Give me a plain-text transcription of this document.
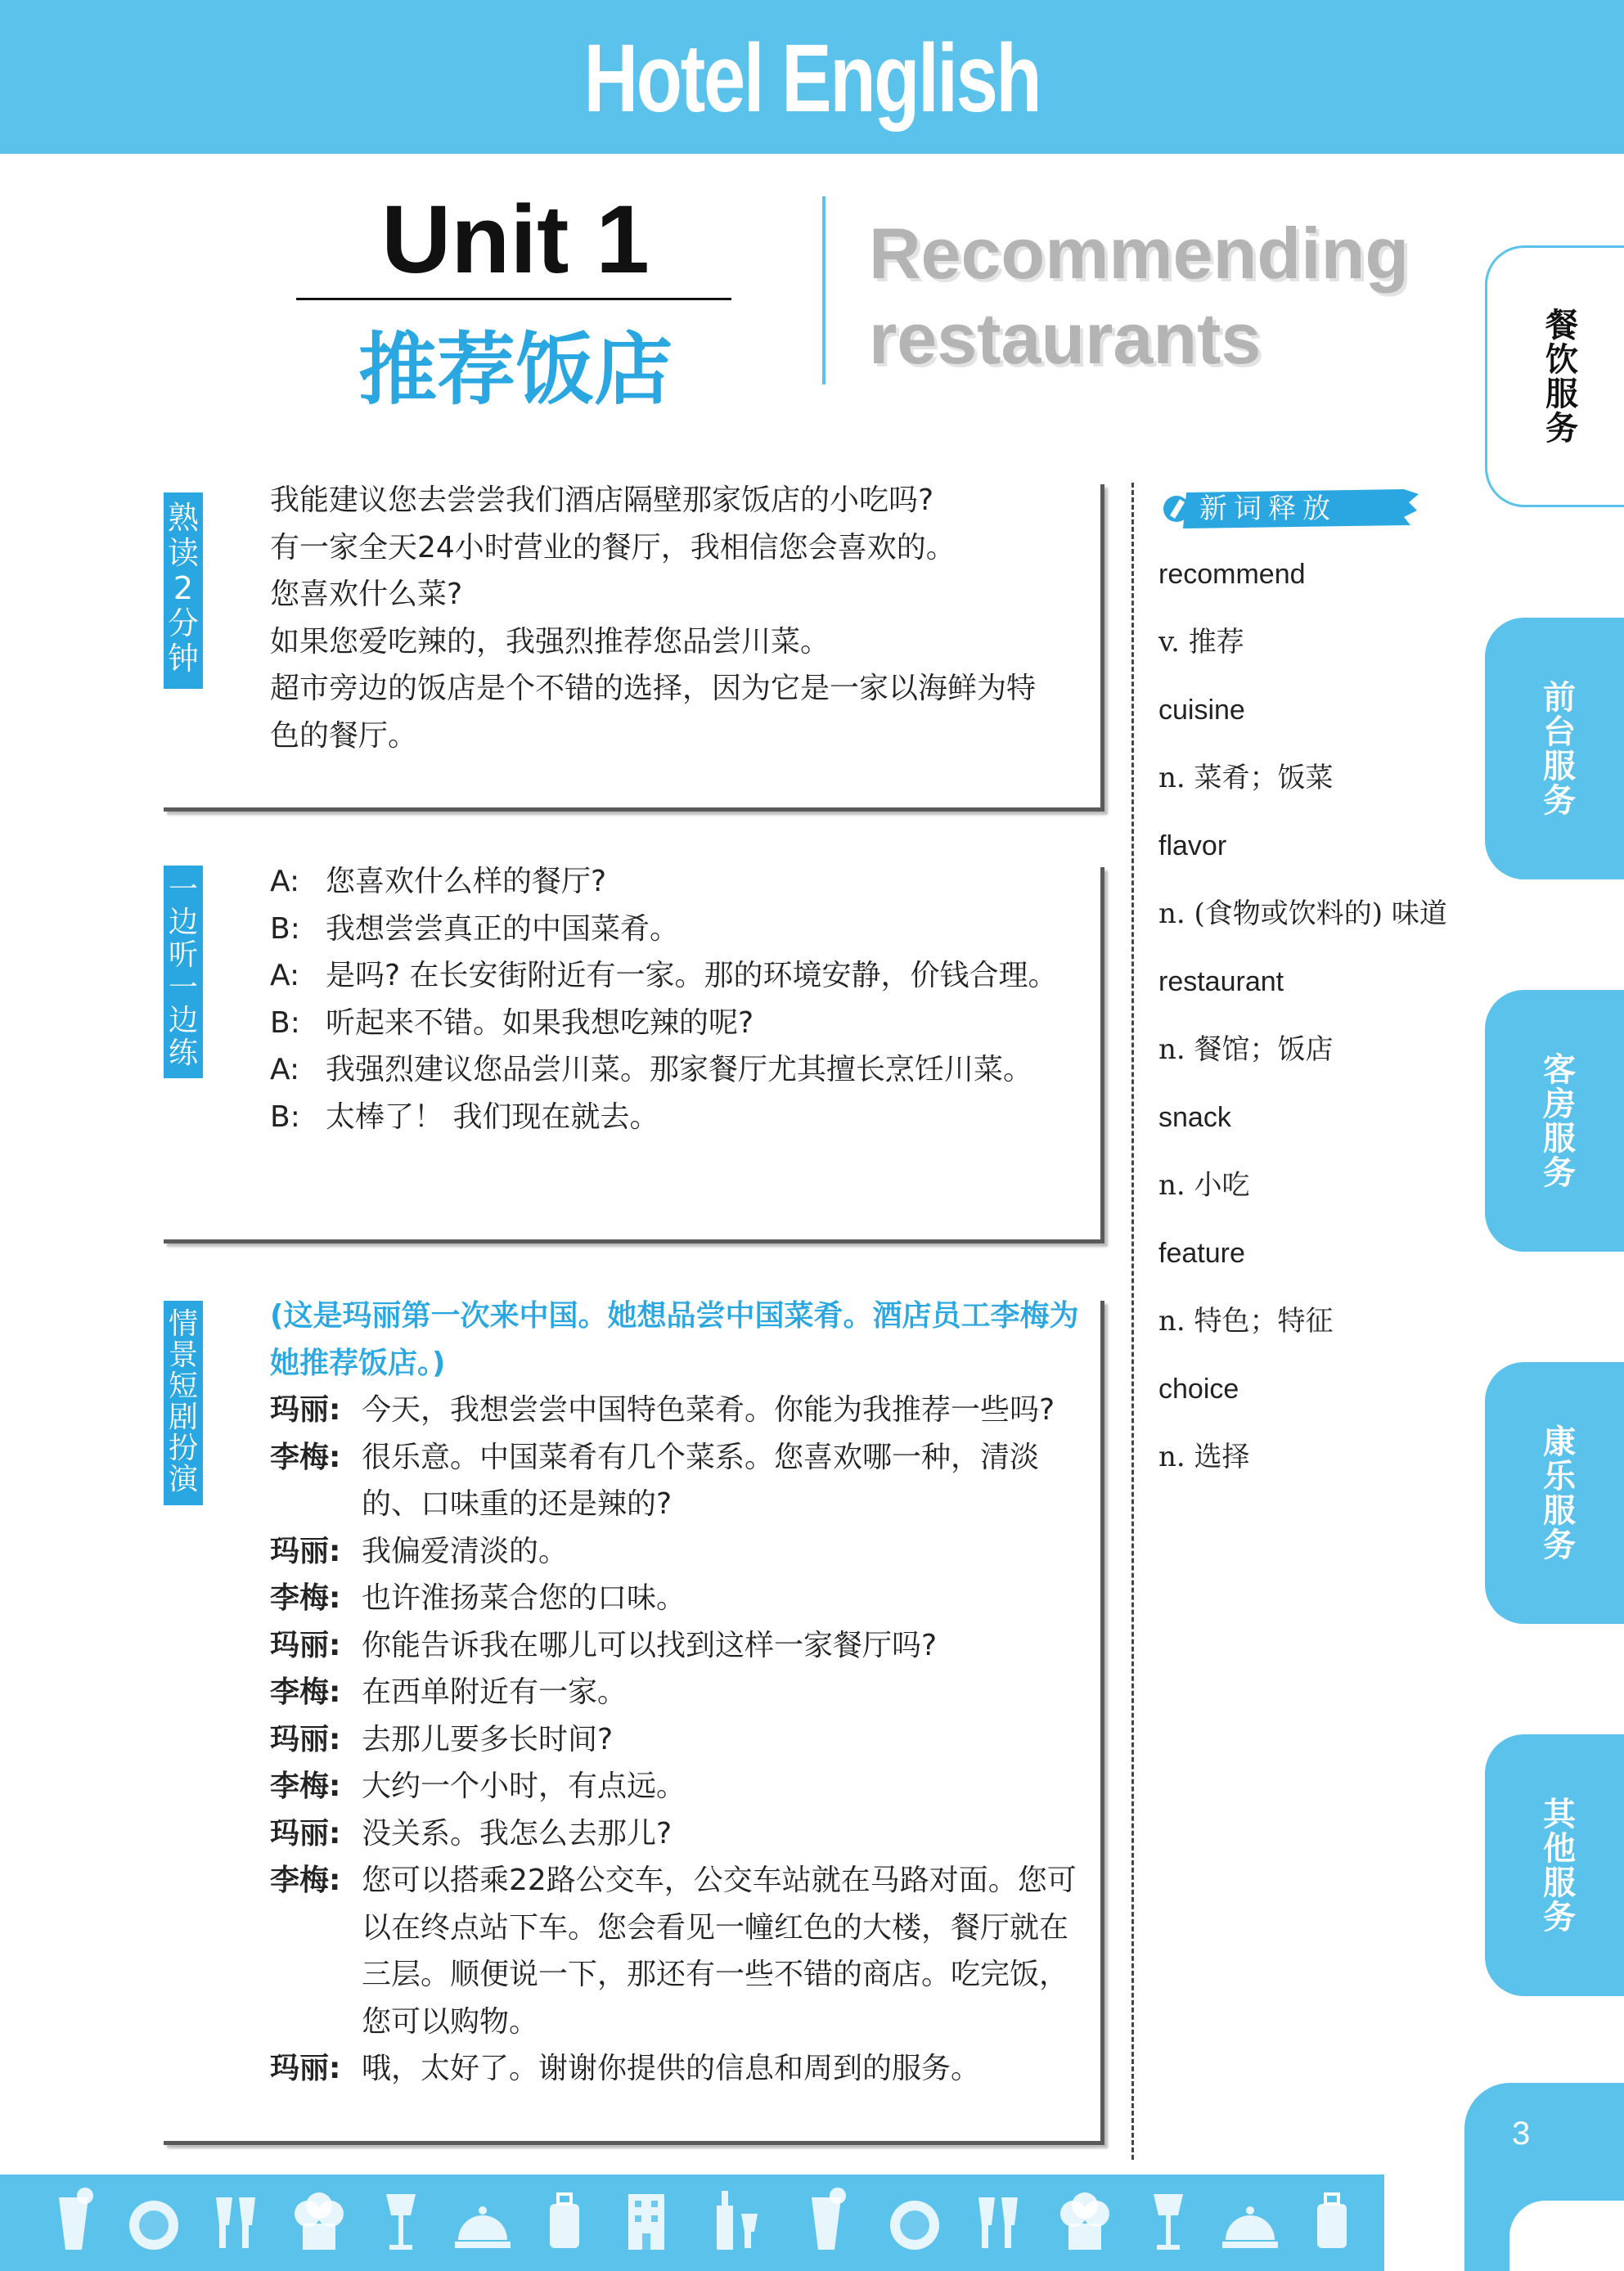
Hotel English
Unit 1
推荐饭店
Recommending
restaurants
熟读2分钟
我能建议您去尝尝我们酒店隔壁那家饭店的小吃吗?
有一家全天24小时营业的餐厅，我相信您会喜欢的。
您喜欢什么菜?
如果您爱吃辣的，我强烈推荐您品尝川菜。
超市旁边的饭店是个不错的选择，因为它是一家以海鲜为特
色的餐厅。
一边听一边练
A: 您喜欢什么样的餐厅?
B: 我想尝尝真正的中国菜肴。
A: 是吗? 在长安街附近有一家。那的环境安静，价钱合理。
B: 听起来不错。如果我想吃辣的呢?
A: 我强烈建议您品尝川菜。那家餐厅尤其擅长烹饪川菜。
B: 太棒了！ 我们现在就去。
情景短剧扮演
(这是玛丽第一次来中国。她想品尝中国菜肴。酒店员工李梅为她推荐饭店。)
玛丽: 今天，我想尝尝中国特色菜肴。你能为我推荐一些吗?
李梅: 很乐意。中国菜肴有几个菜系。您喜欢哪一种，清淡的、口味重的还是辣的?
玛丽: 我偏爱清淡的。
李梅: 也许淮扬菜合您的口味。
玛丽: 你能告诉我在哪儿可以找到这样一家餐厅吗?
李梅: 在西单附近有一家。
玛丽: 去那儿要多长时间?
李梅: 大约一个小时，有点远。
玛丽: 没关系。我怎么去那儿?
李梅: 您可以搭乘22路公交车，公交车站就在马路对面。您可以在终点站下车。您会看见一幢红色的大楼，餐厅就在三层。顺便说一下，那还有一些不错的商店。吃完饭，您可以购物。
玛丽: 哦，太好了。谢谢你提供的信息和周到的服务。
新词释放
recommend
v. 推荐
cuisine
n. 菜肴；饭菜
flavor
n. (食物或饮料的) 味道
restaurant
n. 餐馆；饭店
snack
n. 小吃
feature
n. 特色；特征
choice
n. 选择
餐饮服务
前台服务
客房服务
康乐服务
其他服务
3
